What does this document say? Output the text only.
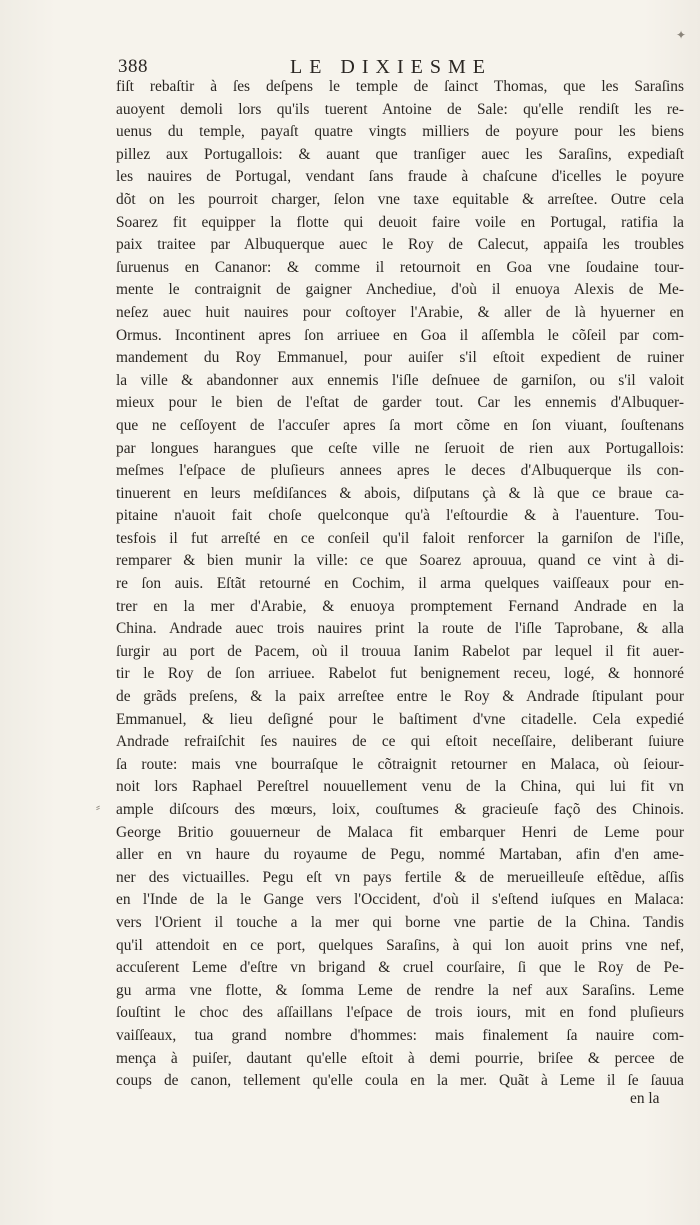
388	LE DIXIESME
✦
fiſt rebaſtir à ſes deſpens le temple de ſainct Thomas, que les Saraſins
auoyent demoli lors qu'ils tuerent Antoine de Sale: qu'elle rendiſt les re-
uenus du temple, payaſt quatre vingts milliers de poyure pour les biens
pillez aux Portugallois: & auant que tranſiger auec les Saraſins, expediaſt
les nauires de Portugal, vendant ſans fraude à chaſcune d'icelles le poyure
dõt on les pourroit charger, ſelon vne taxe equitable & arreſtee. Outre cela
Soarez fit equipper la flotte qui deuoit faire voile en Portugal, ratifia la
paix traitee par Albuquerque auec le Roy de Calecut, appaiſa les troubles
ſuruenus en Cananor: & comme il retournoit en Goa vne ſoudaine tour-
mente le contraignit de gaigner Anchediue, d'où il enuoya Alexis de Me-
neſez auec huit nauires pour coſtoyer l'Arabie, & aller de là hyuerner en
Ormus. Incontinent apres ſon arriuee en Goa il aſſembla le cõſeil par com-
mandement du Roy Emmanuel, pour auiſer s'il eſtoit expedient de ruiner
la ville & abandonner aux ennemis l'iſle deſnuee de garniſon, ou s'il valoit
mieux pour le bien de l'eſtat de garder tout. Car les ennemis d'Albuquer-
que ne ceſſoyent de l'accuſer apres ſa mort cõme en ſon viuant, ſouſtenans
par longues harangues que ceſte ville ne ſeruoit de rien aux Portugallois:
meſmes l'eſpace de pluſieurs annees apres le deces d'Albuquerque ils con-
tinuerent en leurs meſdiſances & abois, diſputans çà & là que ce braue ca-
pitaine n'auoit fait choſe quelconque qu'à l'eſtourdie & à l'auenture. Tou-
tesfois il fut arreſté en ce conſeil qu'il faloit renforcer la garniſon de l'iſle,
remparer & bien munir la ville: ce que Soarez aprouua, quand ce vint à di-
re ſon auis. Eſtãt retourné en Cochim, il arma quelques vaiſſeaux pour en-
trer en la mer d'Arabie, & enuoya promptement Fernand Andrade en la
China. Andrade auec trois nauires print la route de l'iſle Taprobane, & alla
ſurgir au port de Pacem, où il trouua Ianim Rabelot par lequel il fit auer-
tir le Roy de ſon arriuee. Rabelot fut benignement receu, logé, & honnoré
de grãds preſens, & la paix arreſtee entre le Roy & Andrade ſtipulant pour
Emmanuel, & lieu deſigné pour le baſtiment d'vne citadelle. Cela expedié
Andrade refraiſchit ſes nauires de ce qui eſtoit neceſſaire, deliberant ſuiure
ſa route: mais vne bourraſque le cõtraignit retourner en Malaca, où ſeiour-
noit lors Raphael Pereſtrel nouuellement venu de la China, qui lui fit vn
ample diſcours des mœurs, loix, couſtumes & gracieuſe façõ des Chinois.
George Britio gouuerneur de Malaca fit embarquer Henri de Leme pour
aller en vn haure du royaume de Pegu, nommé Martaban, afin d'en ame-
ner des victuailles. Pegu eſt vn pays fertile & de merueilleuſe eſtẽdue, aſſis
en l'Inde de la le Gange vers l'Occident, d'où il s'eſtend iuſques en Malaca:
vers l'Orient il touche a la mer qui borne vne partie de la China. Tandis
qu'il attendoit en ce port, quelques Saraſins, à qui lon auoit prins vne nef,
accuſerent Leme d'eſtre vn brigand & cruel courſaire, ſi que le Roy de Pe-
gu arma vne flotte, & ſomma Leme de rendre la nef aux Saraſins. Leme
ſouſtint le choc des aſſaillans l'eſpace de trois iours, mit en fond pluſieurs
vaiſſeaux, tua grand nombre d'hommes: mais finalement ſa nauire com-
mença à puiſer, dautant qu'elle eſtoit à demi pourrie, briſee & percee de
coups de canon, tellement qu'elle coula en la mer. Quãt à Leme il ſe ſauua
⸗
en la
